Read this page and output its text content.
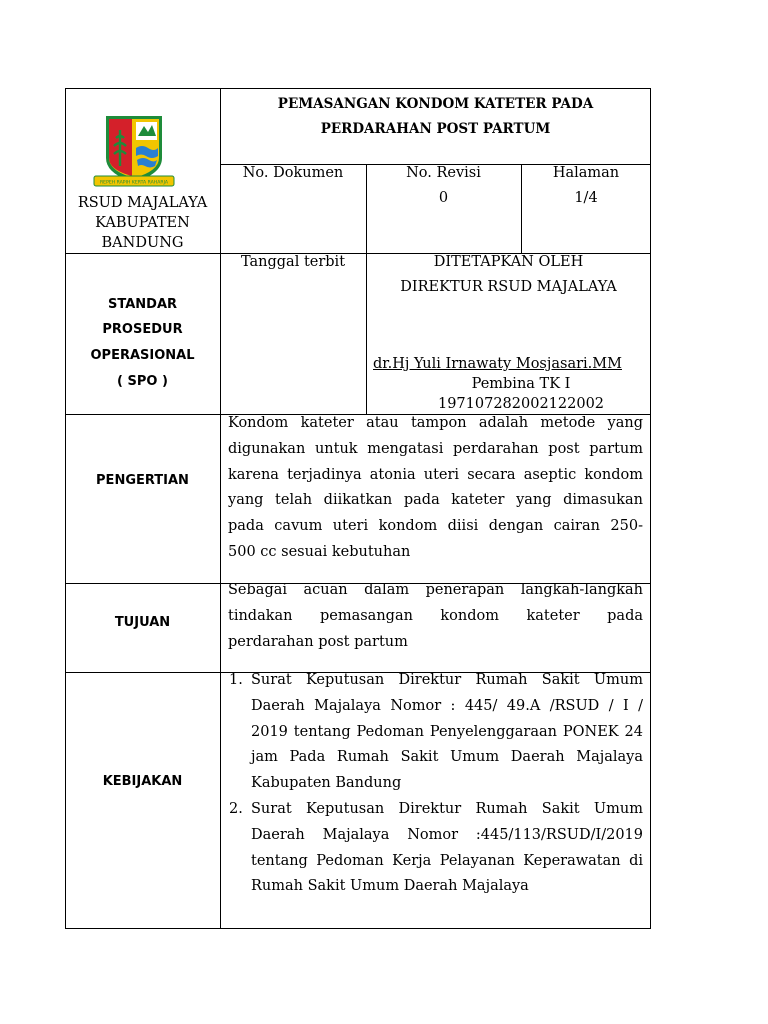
REPEH RAPIH KERTA RAHARJA
RSUD MAJALAYA
KABUPATEN
BANDUNG
PEMASANGAN KONDOM KATETER PADA
PERDARAHAN POST PARTUM
No. Dokumen	No. Revisi
0
Halaman
1/4
STANDAR
PROSEDUR
OPERASIONAL
( SPO )
Tanggal terbit	DITETAPKAN OLEH
DIREKTUR RSUD MAJALAYA
dr.Hj Yuli Irnawaty Mosjasari.MM
Pembina TK I
197107282002122002
PENGERTIAN
Kondom kateter atau tampon adalah metode yang
digunakan untuk mengatasi perdarahan post partum
karena terjadinya atonia uteri secara aseptic kondom
yang telah diikatkan pada kateter yang dimasukan
pada cavum uteri kondom diisi dengan cairan 250-
500 cc sesuai kebutuhan
TUJUAN
Sebagai acuan dalam penerapan langkah-langkah
tindakan pemasangan kondom kateter pada
perdarahan post partum
KEBIJAKAN
1. Surat Keputusan Direktur Rumah Sakit Umum
Daerah Majalaya Nomor : 445/ 49.A /RSUD / I /
2019 tentang Pedoman Penyelenggaraan PONEK 24
jam Pada Rumah Sakit Umum Daerah Majalaya
Kabupaten Bandung
2. Surat Keputusan Direktur Rumah Sakit Umum
Daerah Majalaya Nomor :445/113/RSUD/I/2019
tentang Pedoman Kerja Pelayanan Keperawatan di
Rumah Sakit Umum Daerah Majalaya
